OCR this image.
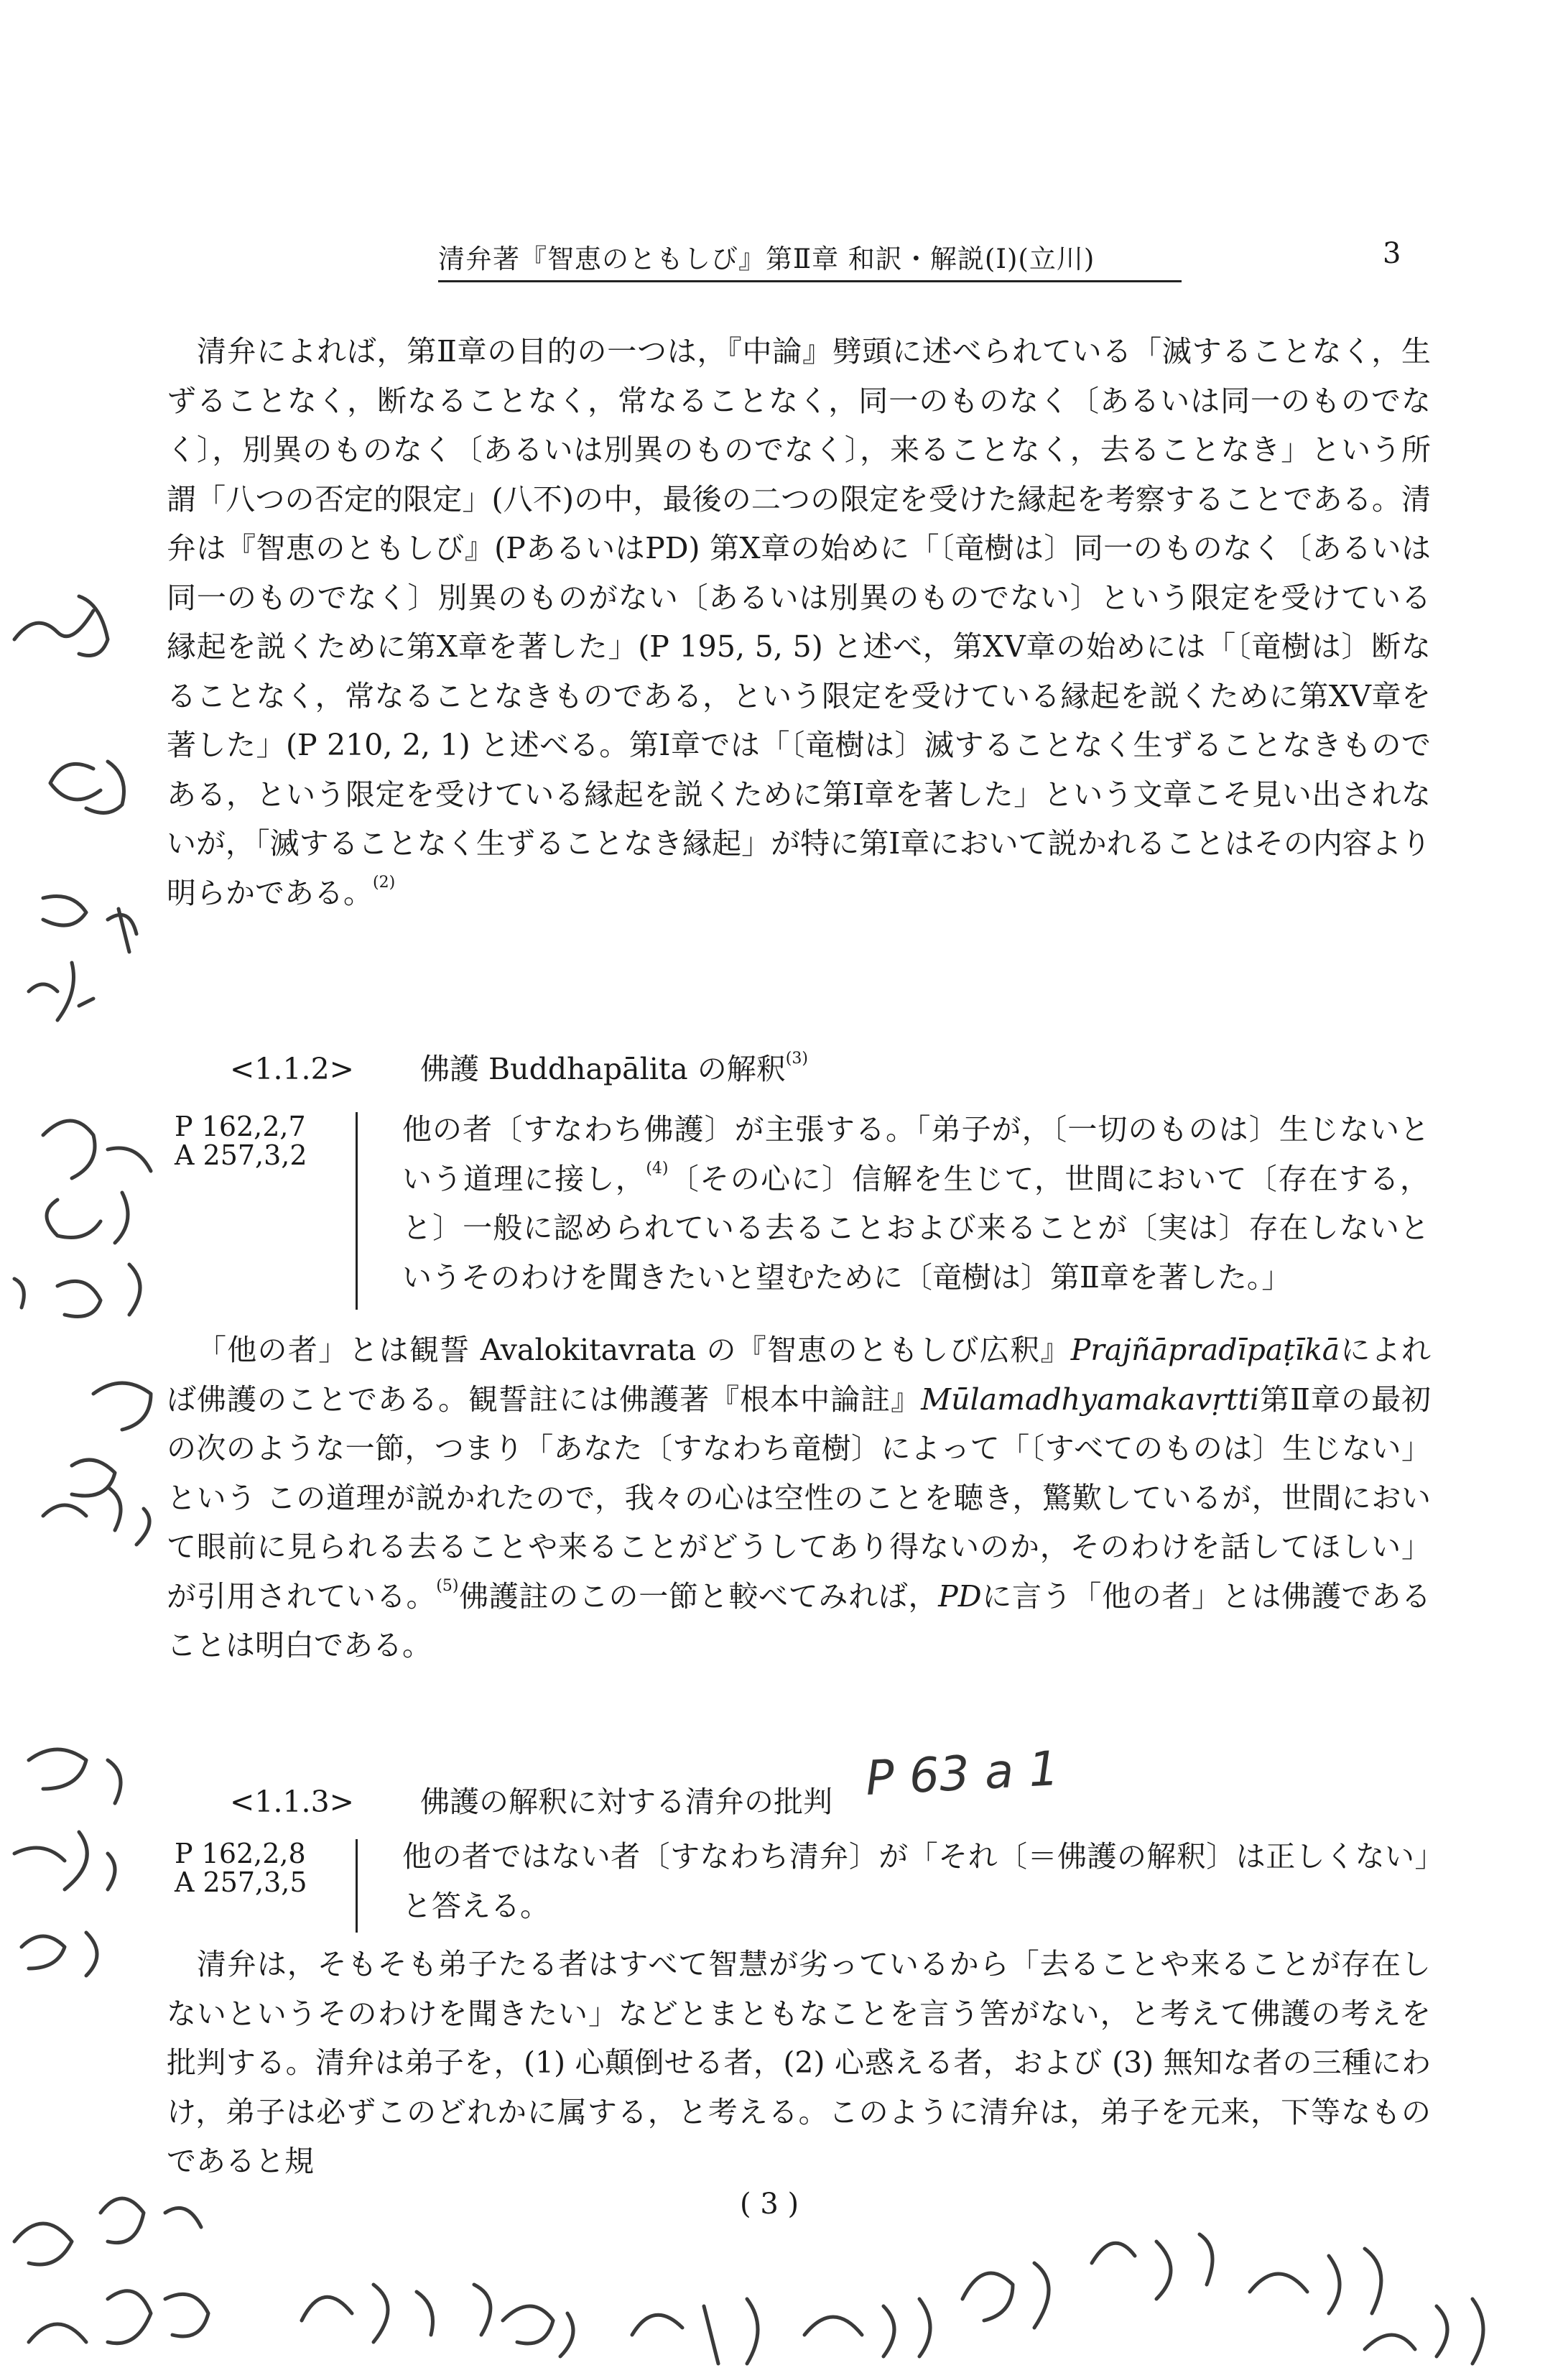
清弁著『智恵のともしび』第Ⅱ章 和訳・解説(Ⅰ)(立川)	3

清弁によれば，第Ⅱ章の目的の一つは，『中論』劈頭に述べられている「滅することなく，生ずることなく，断なることなく，常なることなく，同一のものなく〔あるいは同一のものでなく〕，別異のものなく〔あるいは別異のものでなく〕，来ることなく，去ることなき」という所謂「八つの否定的限定」(八不)の中，最後の二つの限定を受けた縁起を考察することである。清弁は『智恵のともしび』(PあるいはPD) 第Ⅹ章の始めに「〔竜樹は〕同一のものなく〔あるいは同一のものでなく〕別異のものがない〔あるいは別異のものでない〕という限定を受けている縁起を説くために第Ⅹ章を著した」(P 195, 5, 5) と述べ，第ⅩⅤ章の始めには「〔竜樹は〕断なることなく，常なることなきものである，という限定を受けている縁起を説くために第ⅩⅤ章を著した」(P 210, 2, 1) と述べる。第Ⅰ章では「〔竜樹は〕滅することなく生ずることなきものである，という限定を受けている縁起を説くために第Ⅰ章を著した」という文章こそ見い出されないが，「滅することなく生ずることなき縁起」が特に第Ⅰ章において説かれることはその内容より明らかである。$^{(2)}$

<1.1.2> 佛護 Buddhapālita の解釈$^{(3)}$
P 162,2,7
A 257,3,2

他の者〔すなわち佛護〕が主張する。「弟子が，〔一切のものは〕生じないという道理に接し，$^{(4)}$〔その心に〕信解を生じて，世間において〔存在する，と〕一般に認められている去ることおよび来ることが〔実は〕存在しないというそのわけを聞きたいと望むために〔竜樹は〕第Ⅱ章を著した。」

「他の者」とは観誓 Avalokitavrata の『智恵のともしび広釈』Prajñāpradīpaṭīkāによれば佛護のことである。観誓註には佛護著『根本中論註』Mūlamadhyamakavṛtti第Ⅱ章の最初の次のような一節，つまり「あなた〔すなわち竜樹〕によって「〔すべてのものは〕生じない」という この道理が説かれたので，我々の心は空性のことを聴き，驚歎しているが，世間において眼前に見られる去ることや来ることがどうしてあり得ないのか，そのわけを話してほしい」が引用されている。$^{(5)}$佛護註のこの一節と較べてみれば，PDに言う「他の者」とは佛護であることは明白である。

<1.1.3> 佛護の解釈に対する清弁の批判
P 162,2,8
A 257,3,5

他の者ではない者〔すなわち清弁〕が「それ〔＝佛護の解釈〕は正しくない」と答える。

清弁は，そもそも弟子たる者はすべて智慧が劣っているから「去ることや来ることが存在しないというそのわけを聞きたい」などとまともなことを言う筈がない，と考えて佛護の考えを批判する。清弁は弟子を，(1) 心顛倒せる者，(2) 心惑える者，および (3) 無知な者の三種にわけ，弟子は必ずこのどれかに属する，と考える。このように清弁は，弟子を元来，下等なものであると規

( 3 )
P 63 a 1
